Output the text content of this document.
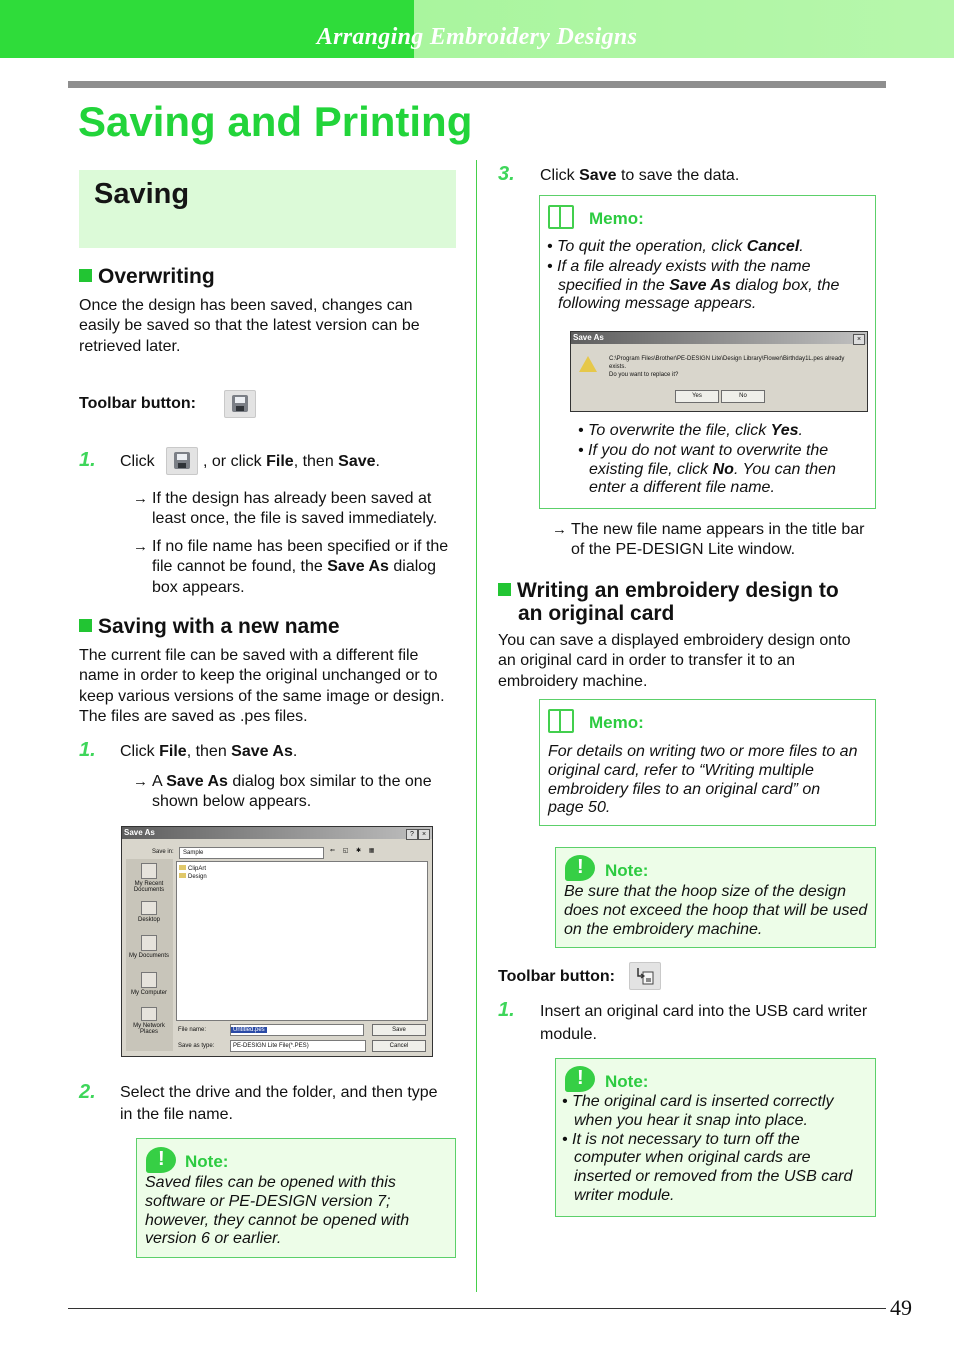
Arranging Embroidery Designs
Saving and Printing
Saving
Overwriting
Once the design has been saved, changes can
easily be saved so that the latest version can be
retrieved later.
Toolbar button:
1. Click	, or click File, then Save.
→ If the design has already been saved at
least once, the file is saved immediately.
→ If no file name has been specified or if the
file cannot be found, the Save As dialog
box appears.
Saving with a new name
The current file can be saved with a different file
name in order to keep the original unchanged or to
keep various versions of the same image or design.
The files are saved as .pes files.
1. Click File, then Save As.
→ A Save As dialog box similar to the one
shown below appears.
Save As	?	×
Save in:	Sample	⇐ ◱ ✱ ▦
My Recent Documents
Desktop
My Documents
My Computer
My Network Places
ClipArt
Design
File name:	Untitled.pes
Save as type:	PE-DESIGN Lite File(*.PES)
Save
Cancel
2. Select the drive and the folder, and then type
in the file name.
!
Note:
Saved files can be opened with this
software or PE-DESIGN version 7;
however, they cannot be opened with
version 6 or earlier.
3. Click Save to save the data.
Memo:
• To quit the operation, click Cancel.
• If a file already exists with the name
specified in the Save As dialog box, the
following message appears.
Save As	×
C:\Program Files\Brother\PE-DESIGN Lite\Design Library\Flower\Birthday1L.pes already exists.
Do you want to replace it?
Yes	No
• To overwrite the file, click Yes.
• If you do not want to overwrite the
existing file, click No. You can then
enter a different file name.
→ The new file name appears in the title bar
of the PE-DESIGN Lite window.
Writing an embroidery design to
an original card
You can save a displayed embroidery design onto
an original card in order to transfer it to an
embroidery machine.
Memo:
For details on writing two or more files to an
original card, refer to “Writing multiple
embroidery files to an original card” on
page 50.
!
Note:
Be sure that the hoop size of the design
does not exceed the hoop that will be used
on the embroidery machine.
Toolbar button:
1. Insert an original card into the USB card writer
module.
!
Note:
• The original card is inserted correctly
when you hear it snap into place.
• It is not necessary to turn off the
computer when original cards are
inserted or removed from the USB card
writer module.
49
